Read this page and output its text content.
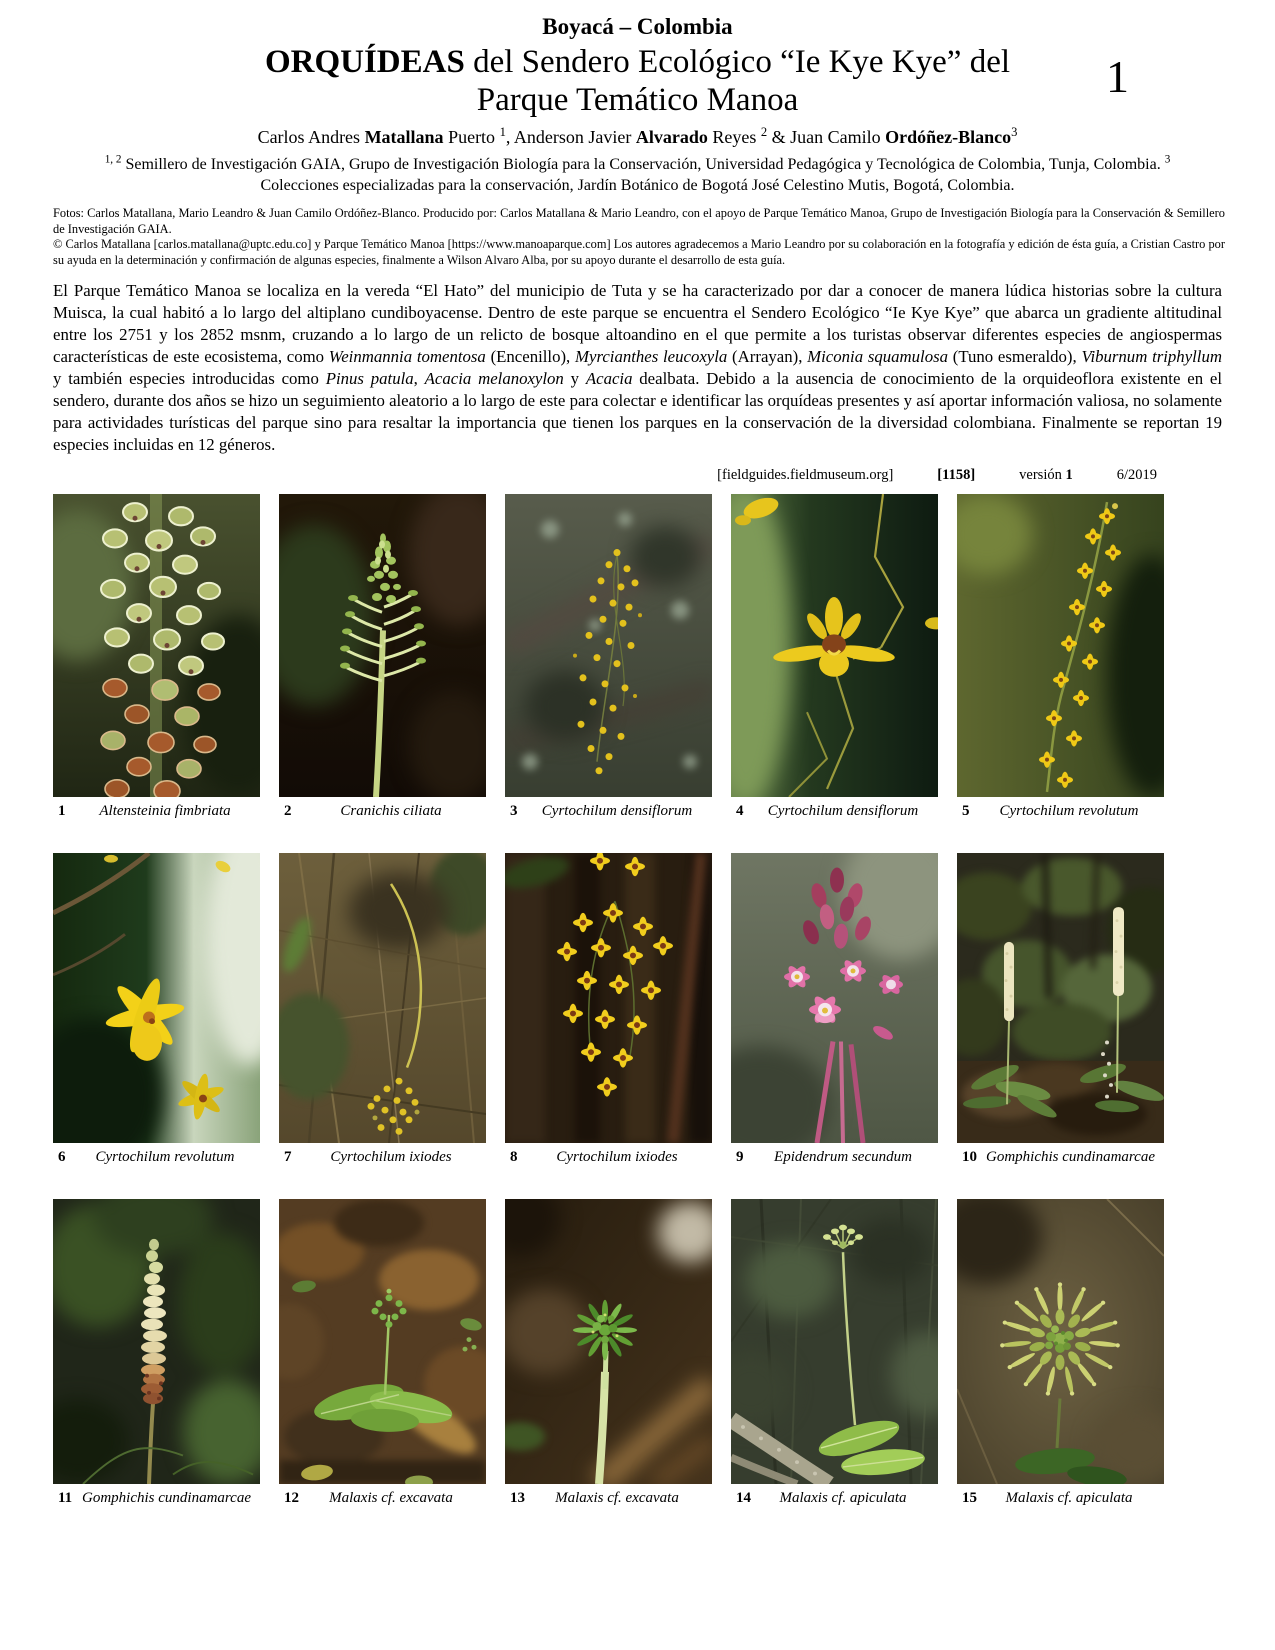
Boyacá – Colombia
ORQUÍDEAS del Sendero Ecológico “Ie Kye Kye” del
Parque Temático Manoa	1
Carlos Andres Matallana Puerto $^1$, Anderson Javier Alvarado Reyes $^2$ & Juan Camilo Ordóñez-Blanco$^3$
$^{1, 2}$ Semillero de Investigación GAIA, Grupo de Investigación Biología para la Conservación, Universidad Pedagógica y Tecnológica de Colombia, Tunja, Colombia. $^3$ Colecciones especializadas para la conservación, Jardín Botánico de Bogotá José Celestino Mutis, Bogotá, Colombia.

Fotos: Carlos Matallana, Mario Leandro & Juan Camilo Ordóñez-Blanco. Producido por: Carlos Matallana & Mario Leandro, con el apoyo de Parque Temático Manoa, Grupo de Investigación Biología para la Conservación & Semillero de Investigación GAIA.

© Carlos Matallana [carlos.matallana@uptc.edu.co] y Parque Temático Manoa [https://www.manoaparque.com] Los autores agradecemos a Mario Leandro por su colaboración en la fotografía y edición de ésta guía, a Cristian Castro por su ayuda en la determinación y confirmación de algunas especies, finalmente a Wilson Alvaro Alba, por su apoyo durante el desarrollo de esta guía.

El Parque Temático Manoa se localiza en la vereda “El Hato” del municipio de Tuta y se ha caracterizado por dar a conocer de manera lúdica historias sobre la cultura Muisca, la cual habitó a lo largo del altiplano cundiboyacense. Dentro de este parque se encuentra el Sendero Ecológico “Ie Kye Kye” que abarca un gradiente altitudinal entre los 2751 y los 2852 msnm, cruzando a lo largo de un relicto de bosque altoandino en el que permite a los turistas observar diferentes especies de angiospermas características de este ecosistema, como Weinmannia tomentosa (Encenillo), Myrcianthes leucoxyla (Arrayan), Miconia squamulosa (Tuno esmeraldo), Viburnum triphyllum y también especies introducidas como Pinus patula, Acacia melanoxylon y Acacia dealbata. Debido a la ausencia de conocimiento de la orquideoflora existente en el sendero, durante dos años se hizo un seguimiento aleatorio a lo largo de este para colectar e identificar las orquídeas presentes y así aportar información valiosa, no solamente para actividades turísticas del parque sino para resaltar la importancia que tienen los parques en la conservación de la diversidad colombiana. Finalmente se reportan 19 especies incluidas en 12 géneros.
[fieldguides.fieldmuseum.org]	[1158]	versión 1	6/2019
1	Altensteinia fimbriata	2	Cranichis ciliata	3	Cyrtochilum densiflorum	4	Cyrtochilum densiflorum	5	Cyrtochilum revolutum
6	Cyrtochilum revolutum	7	Cyrtochilum ixiodes	8	Cyrtochilum ixiodes	9	Epidendrum secundum	10 Gomphichis cundinamarcae
11 Gomphichis cundinamarcae	12	Malaxis cf. excavata	13	Malaxis cf. excavata	14	Malaxis cf. apiculata	15	Malaxis cf. apiculata
